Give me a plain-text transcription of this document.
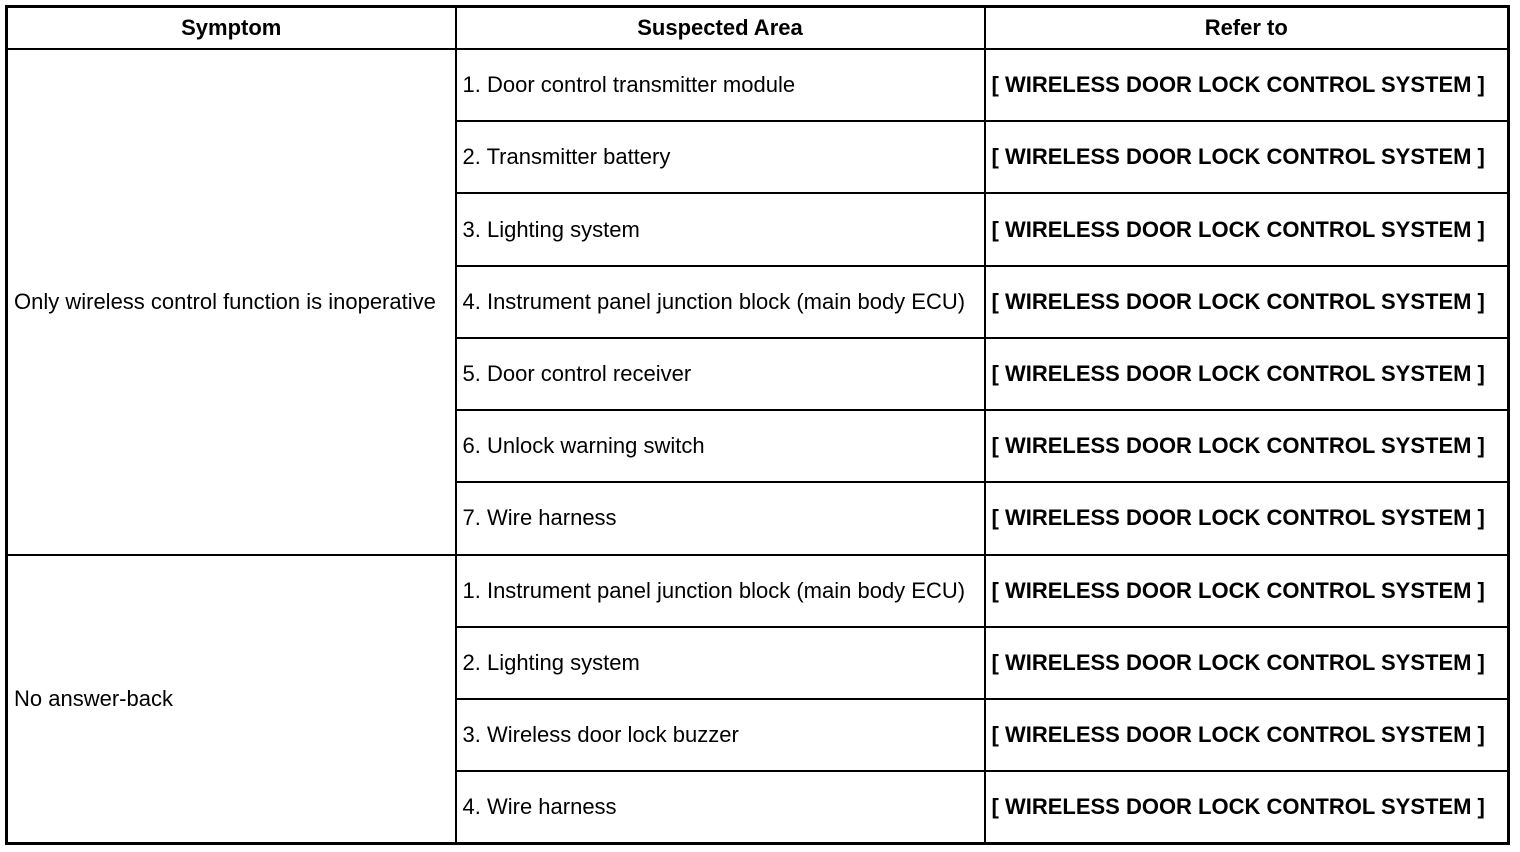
Symptom	Suspected Area	Refer to
Only wireless control function is inoperative	1. Door control transmitter module	[ WIRELESS DOOR LOCK CONTROL SYSTEM ]
	2. Transmitter battery	[ WIRELESS DOOR LOCK CONTROL SYSTEM ]
	3. Lighting system	[ WIRELESS DOOR LOCK CONTROL SYSTEM ]
	4. Instrument panel junction block (main body ECU)	[ WIRELESS DOOR LOCK CONTROL SYSTEM ]
	5. Door control receiver	[ WIRELESS DOOR LOCK CONTROL SYSTEM ]
	6. Unlock warning switch	[ WIRELESS DOOR LOCK CONTROL SYSTEM ]
	7. Wire harness	[ WIRELESS DOOR LOCK CONTROL SYSTEM ]
No answer-back	1. Instrument panel junction block (main body ECU)	[ WIRELESS DOOR LOCK CONTROL SYSTEM ]
	2. Lighting system	[ WIRELESS DOOR LOCK CONTROL SYSTEM ]
	3. Wireless door lock buzzer	[ WIRELESS DOOR LOCK CONTROL SYSTEM ]
	4. Wire harness	[ WIRELESS DOOR LOCK CONTROL SYSTEM ]
